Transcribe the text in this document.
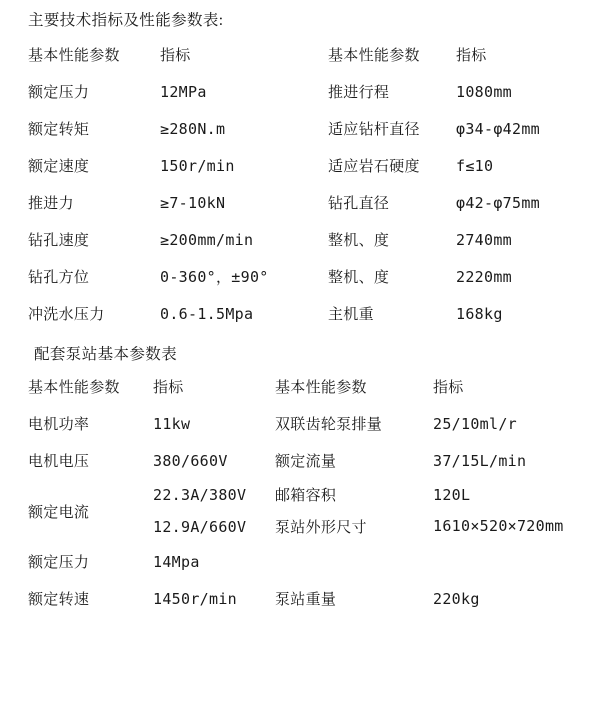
主要技术指标及性能参数表:
基本性能参数	指标	基本性能参数	指标
额定压力	12MPa	推进行程	1080mm
额定转矩	≥280N.m	适应钻杆直径	φ34-φ42mm
额定速度	150r/min	适应岩石硬度	f≤10
推进力	≥7-10kN	钻孔直径	φ42-φ75mm
钻孔速度	≥200mm/min	整机、度	2740mm
钻孔方位	0-360°，±90°	整机、度	2220mm
冲洗水压力	0.6-1.5Mpa	主机重	168kg
配套泵站基本参数表
基本性能参数	指标	基本性能参数	指标
电机功率	11kw	双联齿轮泵排量	25/10ml/r
电机电压	380/660V	额定流量	37/15L/min
额定电流	22.3A/380V	邮箱容积	120L
	12.9A/660V	泵站外形尺寸	1610×520×720mm
额定压力	14Mpa		
额定转速	1450r/min	泵站重量	220kg
